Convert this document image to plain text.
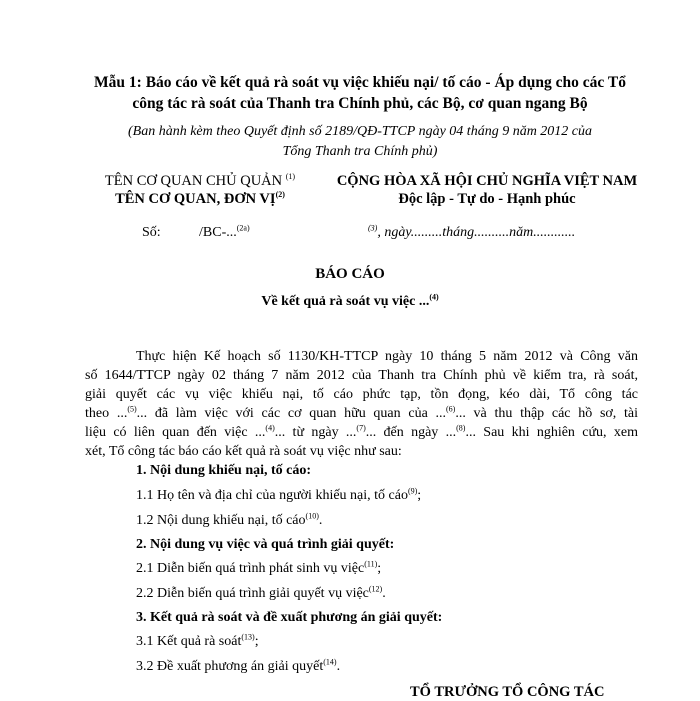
Mẫu 1: Báo cáo về kết quả rà soát vụ việc khiếu nại/ tố cáo - Áp dụng cho các Tổ
công tác rà soát của Thanh tra Chính phủ, các Bộ, cơ quan ngang Bộ
(Ban hành kèm theo Quyết định số 2189/QĐ-TTCP ngày 04 tháng 9 năm 2012 của
Tổng Thanh tra Chính phủ)
TÊN CƠ QUAN CHỦ QUẢN $^{(1)}$
TÊN CƠ QUAN, ĐƠN VỊ$^{(2)}$
CỘNG HÒA XÃ HỘI CHỦ NGHĨA VIỆT NAM
Độc lập - Tự do - Hạnh phúc
Số:	/BC-...$^{(2a)}$	$^{(3)}$, ngày.........tháng..........năm............
BÁO CÁO
Về kết quả rà soát vụ việc ...$^{(4)}$
Thực hiện Kế hoạch số 1130/KH-TTCP ngày 10 tháng 5 năm 2012 và Công văn
số 1644/TTCP ngày 02 tháng 7 năm 2012 của Thanh tra Chính phủ về kiểm tra, rà soát,
giải quyết các vụ việc khiếu nại, tố cáo phức tạp, tồn đọng, kéo dài, Tổ công tác
theo ...$^{(5)}$... đã làm việc với các cơ quan hữu quan của ...$^{(6)}$... và thu thập các hồ sơ, tài
liệu có liên quan đến việc ...$^{(4)}$... từ ngày ...$^{(7)}$... đến ngày ...$^{(8)}$... Sau khi nghiên cứu, xem
xét, Tổ công tác báo cáo kết quả rà soát vụ việc như sau:
1. Nội dung khiếu nại, tố cáo:
1.1 Họ tên và địa chỉ của người khiếu nại, tố cáo$^{(9)}$;
1.2 Nội dung khiếu nại, tố cáo$^{(10)}$.
2. Nội dung vụ việc và quá trình giải quyết:
2.1 Diễn biến quá trình phát sinh vụ việc$^{(11)}$;
2.2 Diễn biến quá trình giải quyết vụ việc$^{(12)}$.
3. Kết quả rà soát và đề xuất phương án giải quyết:
3.1 Kết quả rà soát$^{(13)}$;
3.2 Đề xuất phương án giải quyết$^{(14)}$.
TỔ TRƯỞNG TỔ CÔNG TÁC
